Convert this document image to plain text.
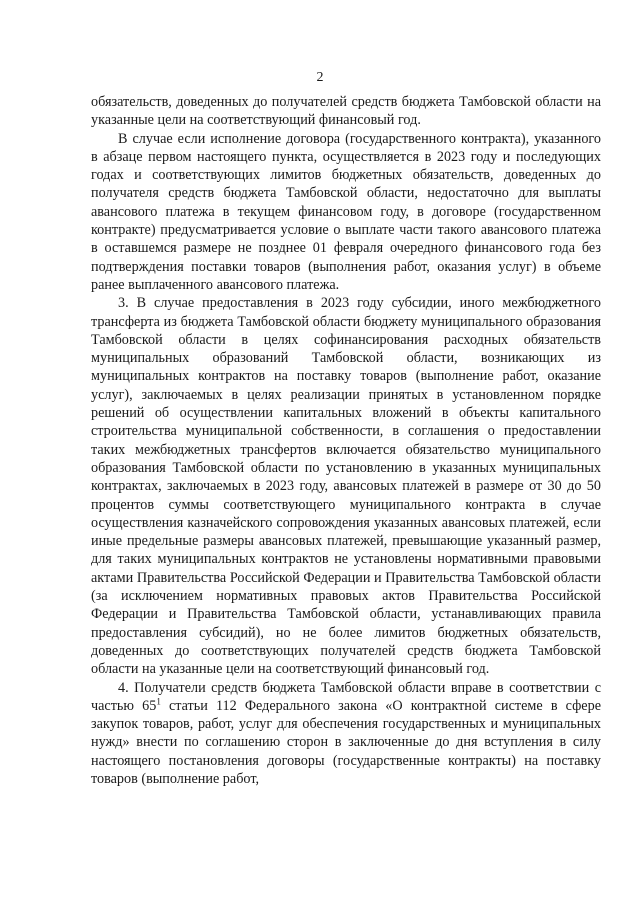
2

обязательств, доведенных до получателей средств бюджета Тамбовской области на указанные цели на соответствующий финансовый год.

В случае если исполнение договора (государственного контракта), указанного в абзаце первом настоящего пункта, осуществляется в 2023 году и последующих годах и соответствующих лимитов бюджетных обязательств, доведенных до получателя средств бюджета Тамбовской области, недостаточно для выплаты авансового платежа в текущем финансовом году, в договоре (государственном контракте) предусматривается условие о выплате части такого авансового платежа в оставшемся размере не позднее 01 февраля очередного финансового года без подтверждения поставки товаров (выполнения работ, оказания услуг) в объеме ранее выплаченного авансового платежа.

3. В случае предоставления в 2023 году субсидии, иного межбюджетного трансферта из бюджета Тамбовской области бюджету муниципального образования Тамбовской области в целях софинансирования расходных обязательств муниципальных образований Тамбовской области, возникающих из муниципальных контрактов на поставку товаров (выполнение работ, оказание услуг), заключаемых в целях реализации принятых в установленном порядке решений об осуществлении капитальных вложений в объекты капитального строительства муниципальной собственности, в соглашения о предоставлении таких межбюджетных трансфертов включается обязательство муниципального образования Тамбовской области по установлению в указанных муниципальных контрактах, заключаемых в 2023 году, авансовых платежей в размере от 30 до 50 процентов суммы соответствующего муниципального контракта в случае осуществления казначейского сопровождения указанных авансовых платежей, если иные предельные размеры авансовых платежей, превышающие указанный размер, для таких муниципальных контрактов не установлены нормативными правовыми актами Правительства Российской Федерации и Правительства Тамбовской области (за исключением нормативных правовых актов Правительства Российской Федерации и Правительства Тамбовской области, устанавливающих правила предоставления субсидий), но не более лимитов бюджетных обязательств, доведенных до соответствующих получателей средств бюджета Тамбовской области на указанные цели на соответствующий финансовый год.

4. Получатели средств бюджета Тамбовской области вправе в соответствии с частью $65^1$ статьи 112 Федерального закона «О контрактной системе в сфере закупок товаров, работ, услуг для обеспечения государственных и муниципальных нужд» внести по соглашению сторон в заключенные до дня вступления в силу настоящего постановления договоры (государственные контракты) на поставку товаров (выполнение работ,
